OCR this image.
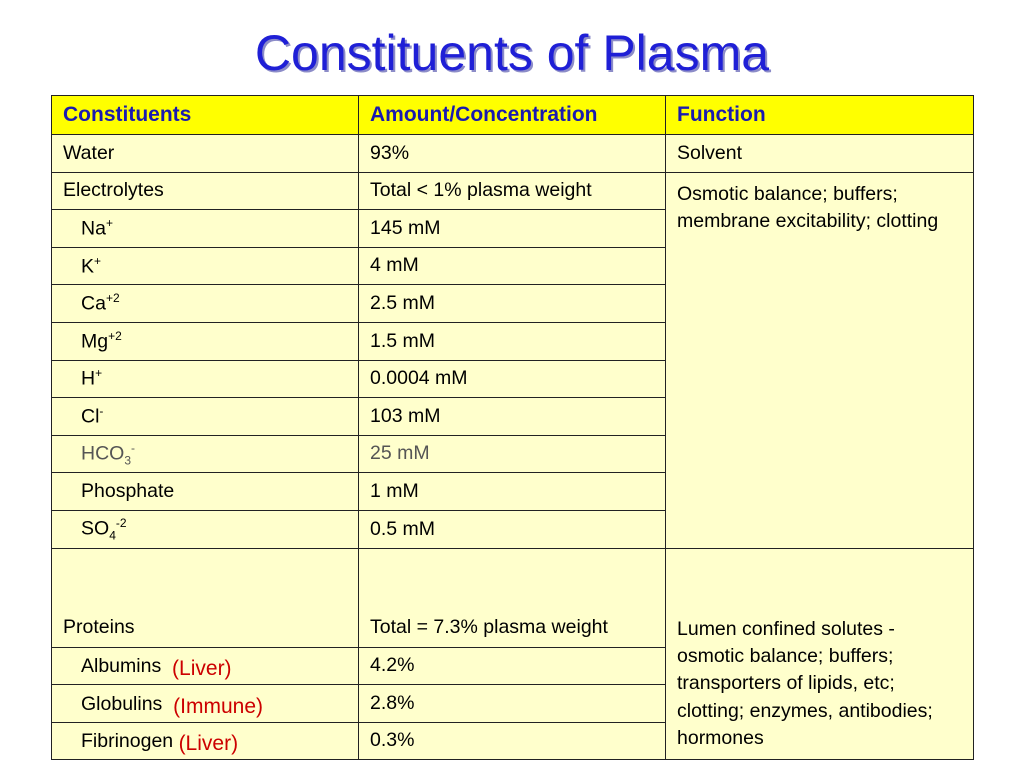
Constituents of Plasma
Constituents	Amount/Concentration	Function
Water	93%	Solvent
Electrolytes	Total < 1% plasma weight	Osmotic balance; buffers; membrane excitability; clotting
Na+	145 mM	
K+	4 mM	
$Ca^{+2}$	2.5 mM	
$Mg^{+2}$	1.5 mM	
H+	0.0004 mM	
Cl-	103 mM	
$HCO_3^-$	25 mM	
Phosphate	1 mM	
$SO_4^{-2}$	0.5 mM	
Proteins	Total = 7.3% plasma weight	Lumen confined solutes - osmotic balance; buffers; transporters of lipids, etc; clotting; enzymes, antibodies; hormones
Albumins (Liver)	4.2%	
Globulins (Immune)	2.8%	
Fibrinogen (Liver)	0.3%	
